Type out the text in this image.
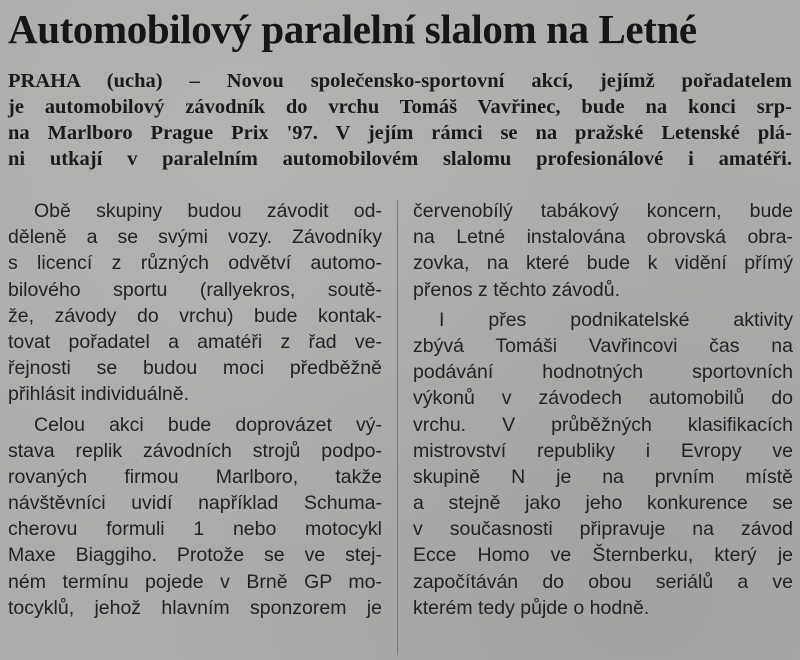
Automobilový paralelní slalom na Letné
PRAHA (ucha) – Novou společensko-sportovní akcí, jejímž pořadatelem
je automobilový závodník do vrchu Tomáš Vavřinec, bude na konci srp-
na Marlboro Prague Prix '97. V jejím rámci se na pražské Letenské plá-
ni utkají v paralelním automobilovém slalomu profesionálové i amatéři.
Obě skupiny budou závodit od-
děleně a se svými vozy. Závodníky
s licencí z různých odvětví automo-
bilového sportu (rallyekros, soutě-
že, závody do vrchu) bude kontak-
tovat pořadatel a amatéři z řad ve-
řejnosti se budou moci předběžně
přihlásit individuálně.
Celou akci bude doprovázet vý-
stava replik závodních strojů podpo-
rovaných firmou Marlboro, takže
návštěvníci uvidí například Schuma-
cherovu formuli 1 nebo motocykl
Maxe Biaggiho. Protože se ve stej-
ném termínu pojede v Brně GP mo-
tocyklů, jehož hlavním sponzorem je
červenobílý tabákový koncern, bude
na Letné instalována obrovská obra-
zovka, na které bude k vidění přímý
přenos z těchto závodů.
I přes podnikatelské aktivity
zbývá Tomáši Vavřincovi čas na
podávání hodnotných sportovních
výkonů v závodech automobilů do
vrchu. V průběžných klasifikacích
mistrovství republiky i Evropy ve
skupině N je na prvním místě
a stejně jako jeho konkurence se
v současnosti připravuje na závod
Ecce Homo ve Šternberku, který je
započítáván do obou seriálů a ve
kterém tedy půjde o hodně.
